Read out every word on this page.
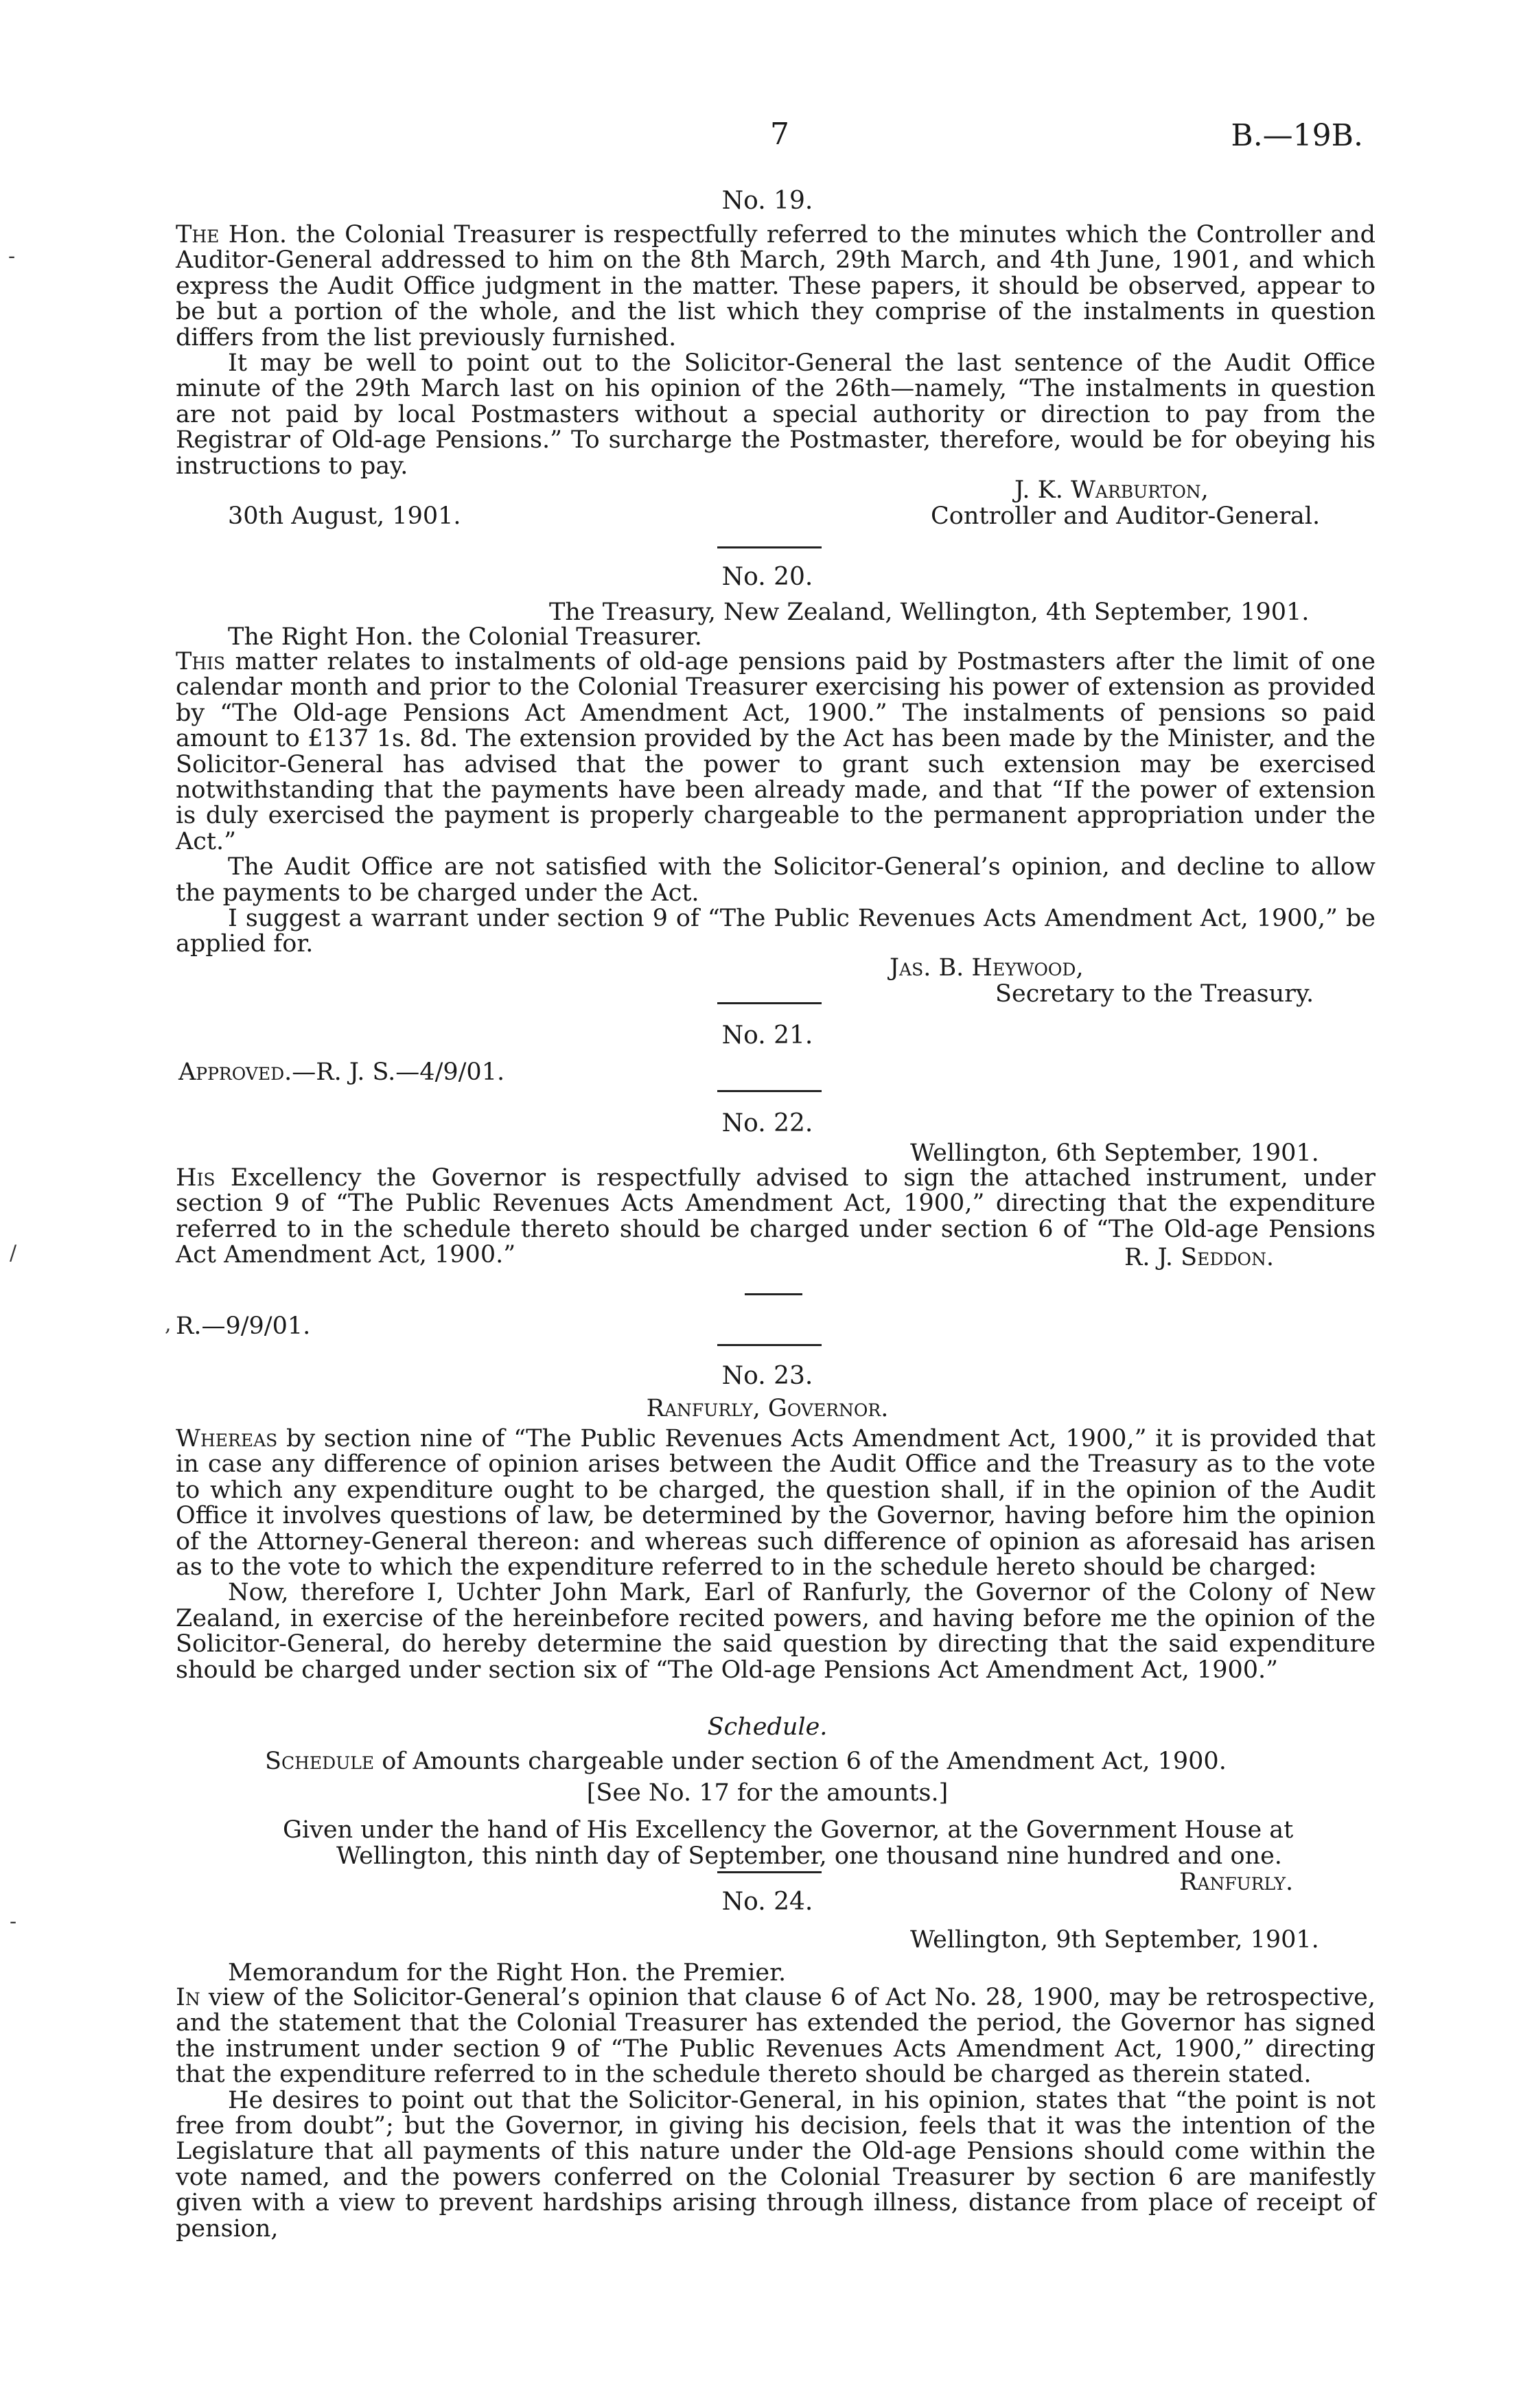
7	B.—19B.
No. 19.

The Hon. the Colonial Treasurer is respectfully referred to the minutes which the Controller and Auditor-General addressed to him on the 8th March, 29th March, and 4th June, 1901, and which express the Audit Office judgment in the matter. These papers, it should be observed, appear to be but a portion of the whole, and the list which they comprise of the instalments in question differs from the list previously furnished.

It may be well to point out to the Solicitor-General the last sentence of the Audit Office minute of the 29th March last on his opinion of the 26th—namely, “The instalments in question are not paid by local Postmasters without a special authority or direction to pay from the Registrar of Old-age Pensions.” To surcharge the Postmaster, therefore, would be for obeying his instructions to pay.

J. K. Warburton,
30th August, 1901.	Controller and Auditor-General.
No. 20.
The Treasury, New Zealand, Wellington, 4th September, 1901.
The Right Hon. the Colonial Treasurer.

This matter relates to instalments of old-age pensions paid by Postmasters after the limit of one calendar month and prior to the Colonial Treasurer exercising his power of extension as provided by “The Old-age Pensions Act Amendment Act, 1900.” The instalments of pensions so paid amount to £137 1s. 8d. The extension provided by the Act has been made by the Minister, and the Solicitor-General has advised that the power to grant such extension may be exercised notwithstanding that the payments have been already made, and that “If the power of extension is duly exercised the payment is properly chargeable to the permanent appropriation under the Act.”

The Audit Office are not satisfied with the Solicitor-General’s opinion, and decline to allow the payments to be charged under the Act.

I suggest a warrant under section 9 of “The Public Revenues Acts Amendment Act, 1900,” be applied for.

Jas. B. Heywood,
Secretary to the Treasury.
No. 21.
Approved.—R. J. S.—4/9/01.
No. 22.
Wellington, 6th September, 1901.

His Excellency the Governor is respectfully advised to sign the attached instrument, under section 9 of “The Public Revenues Acts Amendment Act, 1900,” directing that the expenditure referred to in the schedule thereto should be charged under section 6 of “The Old-age Pensions Act Amendment Act, 1900.”	R. J. Seddon.
R.—9/9/01.
No. 23.
Ranfurly, Governor.

Whereas by section nine of “The Public Revenues Acts Amendment Act, 1900,” it is provided that in case any difference of opinion arises between the Audit Office and the Treasury as to the vote to which any expenditure ought to be charged, the question shall, if in the opinion of the Audit Office it involves questions of law, be determined by the Governor, having before him the opinion of the Attorney-General thereon: and whereas such difference of opinion as aforesaid has arisen as to the vote to which the expenditure referred to in the schedule hereto should be charged:

Now, therefore I, Uchter John Mark, Earl of Ranfurly, the Governor of the Colony of New Zealand, in exercise of the hereinbefore recited powers, and having before me the opinion of the Solicitor-General, do hereby determine the said question by directing that the said expenditure should be charged under section six of “The Old-age Pensions Act Amendment Act, 1900.”

Schedule.
Schedule of Amounts chargeable under section 6 of the Amendment Act, 1900.
[See No. 17 for the amounts.]
Given under the hand of His Excellency the Governor, at the Government House at
Wellington, this ninth day of September, one thousand nine hundred and one.
Ranfurly.
No. 24.
Wellington, 9th September, 1901.
Memorandum for the Right Hon. the Premier.

In view of the Solicitor-General’s opinion that clause 6 of Act No. 28, 1900, may be retrospective, and the statement that the Colonial Treasurer has extended the period, the Governor has signed the instrument under section 9 of “The Public Revenues Acts Amendment Act, 1900,” directing that the expenditure referred to in the schedule thereto should be charged as therein stated.

He desires to point out that the Solicitor-General, in his opinion, states that “the point is not free from doubt”; but the Governor, in giving his decision, feels that it was the intention of the Legislature that all payments of this nature under the Old-age Pensions should come within the vote named, and the powers conferred on the Colonial Treasurer by section 6 are manifestly given with a view to prevent hardships arising through illness, distance from place of receipt of pension,

-
/
,
-
